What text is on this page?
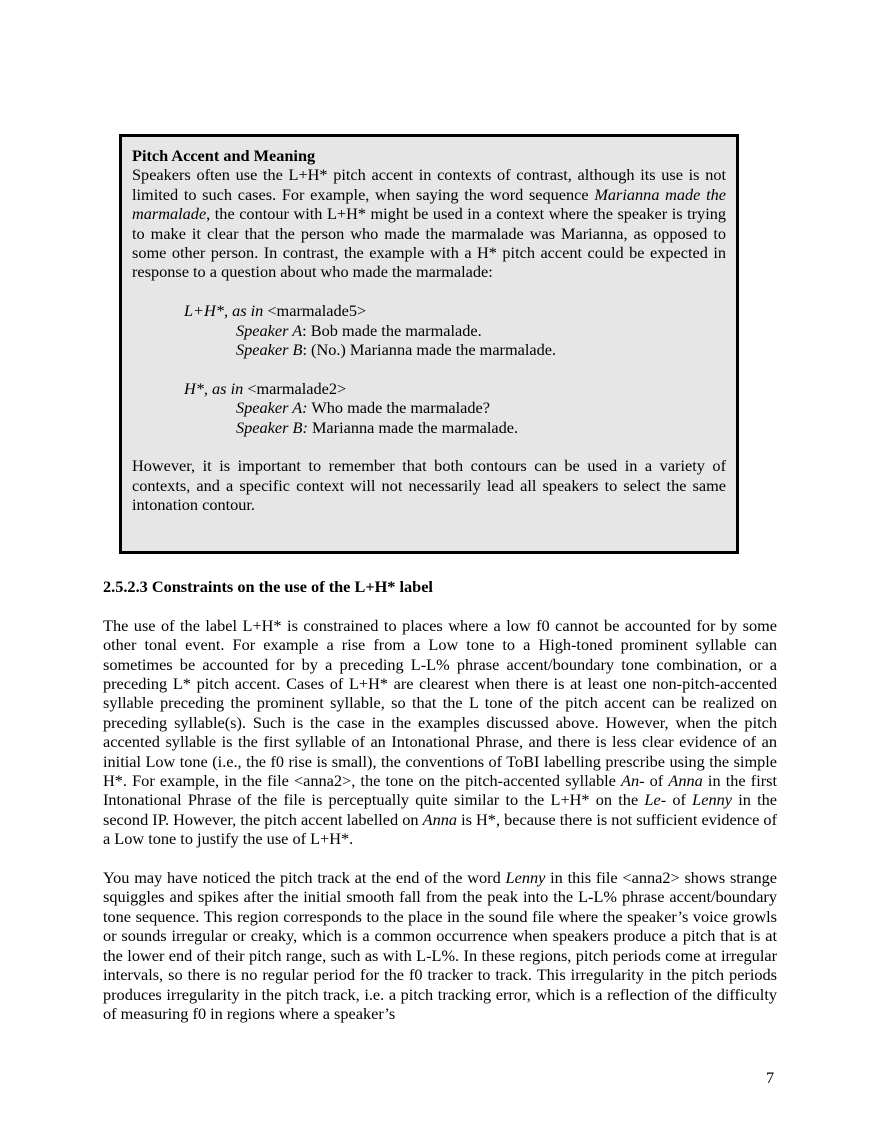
Pitch Accent and Meaning

Speakers often use the L+H* pitch accent in contexts of contrast, although its use is not limited to such cases. For example, when saying the word sequence Marianna made the marmalade, the contour with L+H* might be used in a context where the speaker is trying to make it clear that the person who made the marmalade was Marianna, as opposed to some other person. In contrast, the example with a H* pitch accent could be expected in response to a question about who made the marmalade:

L+H*, as in <marmalade5>
Speaker A: Bob made the marmalade.
Speaker B: (No.) Marianna made the marmalade.
H*, as in <marmalade2>
Speaker A: Who made the marmalade?
Speaker B: Marianna made the marmalade.

However, it is important to remember that both contours can be used in a variety of contexts, and a specific context will not necessarily lead all speakers to select the same intonation contour.

2.5.2.3 Constraints on the use of the L+H* label

The use of the label L+H* is constrained to places where a low f0 cannot be accounted for by some other tonal event. For example a rise from a Low tone to a High-toned prominent syllable can sometimes be accounted for by a preceding L-L% phrase accent/boundary tone combination, or a preceding L* pitch accent. Cases of L+H* are clearest when there is at least one non-pitch-accented syllable preceding the prominent syllable, so that the L tone of the pitch accent can be realized on preceding syllable(s). Such is the case in the examples discussed above. However, when the pitch accented syllable is the first syllable of an Intonational Phrase, and there is less clear evidence of an initial Low tone (i.e., the f0 rise is small), the conventions of ToBI labelling prescribe using the simple H*. For example, in the file <anna2>, the tone on the pitch-accented syllable An- of Anna in the first Intonational Phrase of the file is perceptually quite similar to the L+H* on the Le- of Lenny in the second IP. However, the pitch accent labelled on Anna is H*, because there is not sufficient evidence of a Low tone to justify the use of L+H*.

You may have noticed the pitch track at the end of the word Lenny in this file <anna2> shows strange squiggles and spikes after the initial smooth fall from the peak into the L-L% phrase accent/boundary tone sequence. This region corresponds to the place in the sound file where the speaker’s voice growls or sounds irregular or creaky, which is a common occurrence when speakers produce a pitch that is at the lower end of their pitch range, such as with L-L%. In these regions, pitch periods come at irregular intervals, so there is no regular period for the f0 tracker to track. This irregularity in the pitch periods produces irregularity in the pitch track, i.e. a pitch tracking error, which is a reflection of the difficulty of measuring f0 in regions where a speaker’s

7
